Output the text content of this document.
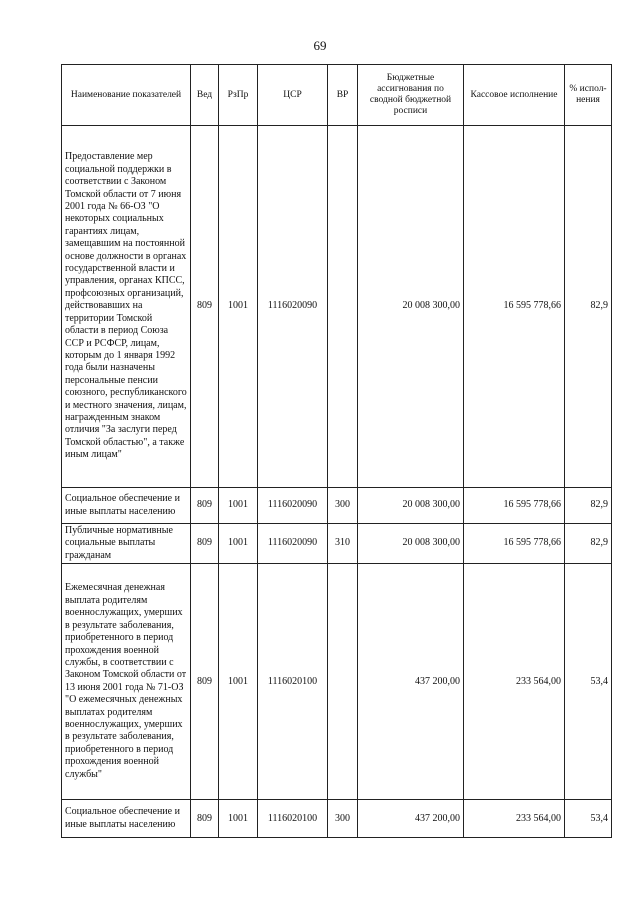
69
Наименование показателей	Вед	РзПр	ЦСР	ВР	Бюджетные ассигнования по сводной бюджетной росписи	Кассовое исполнение	% испол-нения

Предоставление мер социальной поддержки в соответствии с Законом Томской области от 7 июня 2001 года № 66-ОЗ "О некоторых социальных гарантиях лицам, замещавшим на постоянной основе должности в органах государственной власти и управления, органах КПСС, профсоюзных организаций, действовавших на территории Томской области в период Союза ССР и РСФСР, лицам, которым до 1 января 1992 года были назначены персональные пенсии союзного, республиканского и местного значения, лицам, награжденным знаком отличия "За заслуги перед Томской областью", а также иным лицам"	809	1001	1116020090		20 008 300,00	16 595 778,66	82,9

Социальное обеспечение и иные выплаты населению	809	1001	1116020090	300	20 008 300,00	16 595 778,66	82,9

Публичные нормативные социальные выплаты гражданам	809	1001	1116020090	310	20 008 300,00	16 595 778,66	82,9

Ежемесячная денежная выплата родителям военнослужащих, умерших в результате заболевания, приобретенного в период прохождения военной службы, в соответствии с Законом Томской области от 13 июня 2001 года № 71-ОЗ "О ежемесячных денежных выплатах родителям военнослужащих, умерших в результате заболевания, приобретенного в период прохождения военной службы"	809	1001	1116020100		437 200,00	233 564,00	53,4

Социальное обеспечение и иные выплаты населению	809	1001	1116020100	300	437 200,00	233 564,00	53,4
